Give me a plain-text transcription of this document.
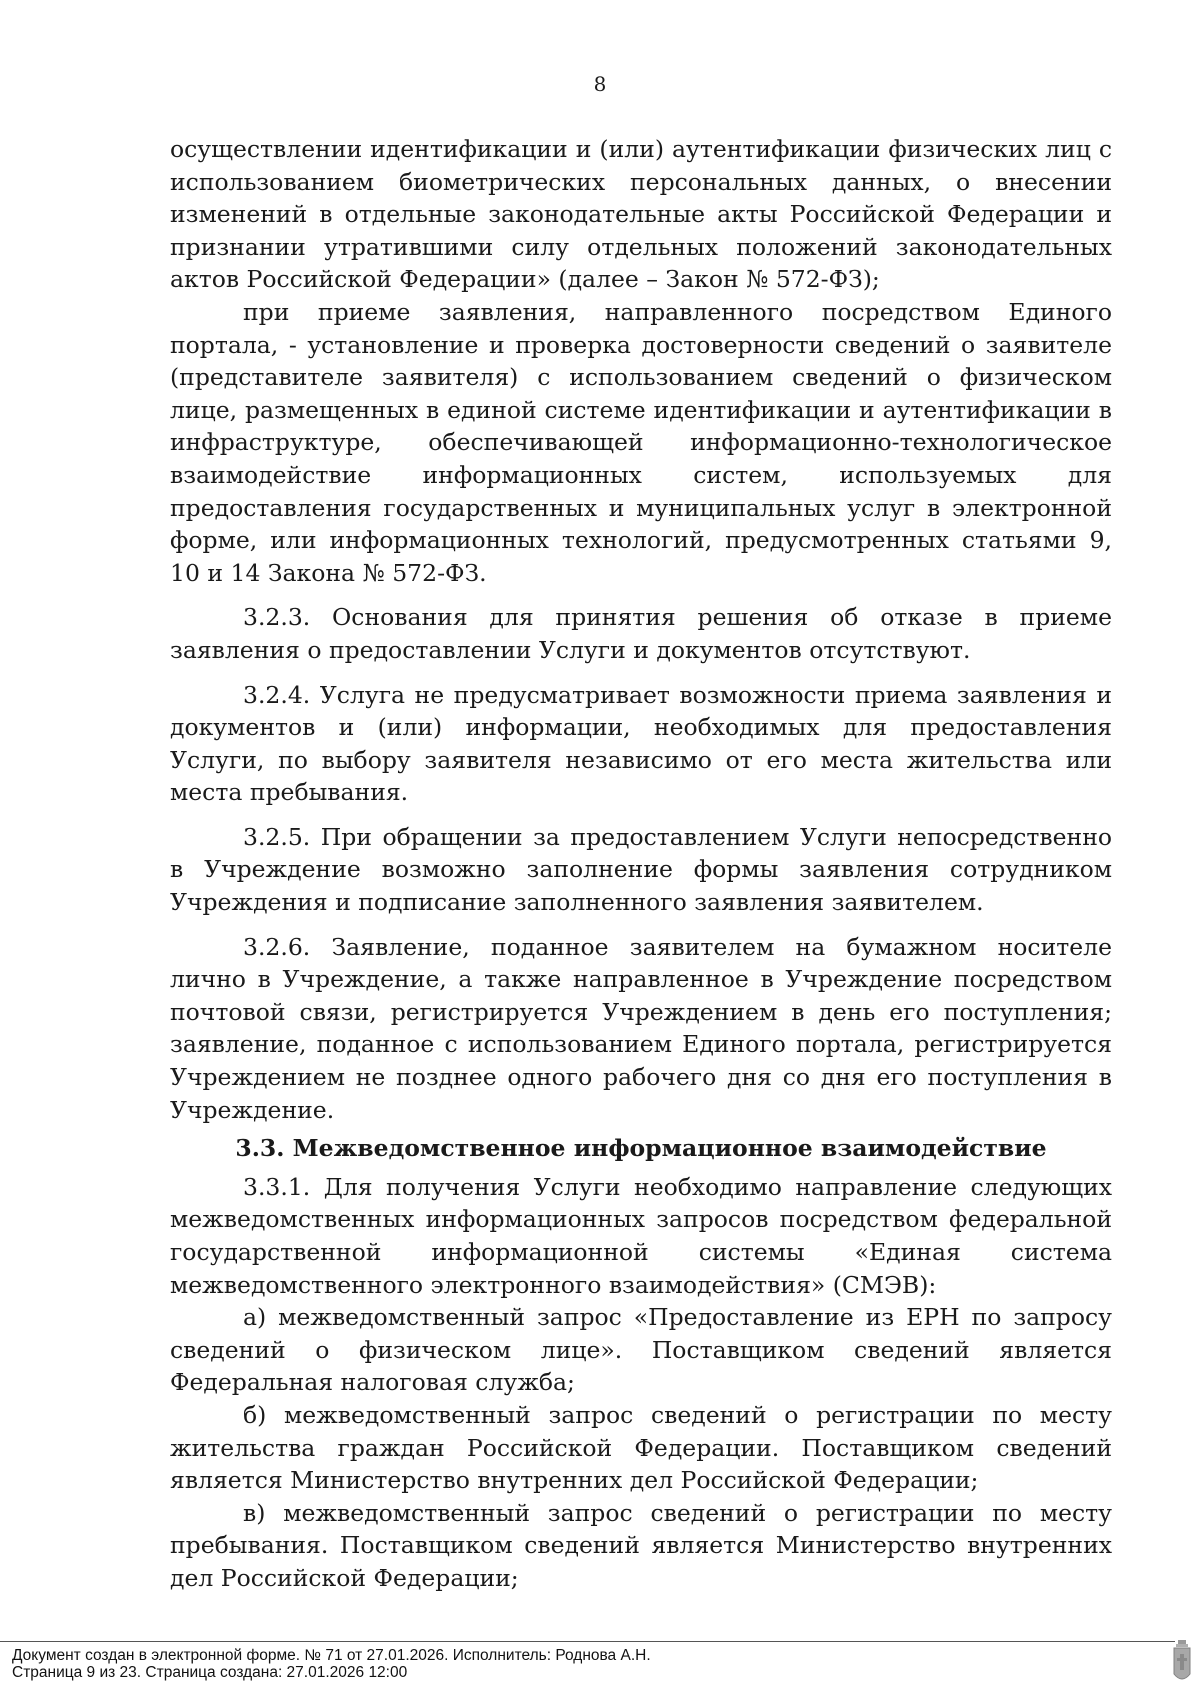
8

осуществлении идентификации и (или) аутентификации физических лиц с использованием биометрических персональных данных, о внесении изменений в отдельные законодательные акты Российской Федерации и признании утратившими силу отдельных положений законодательных актов Российской Федерации» (далее – Закон № 572-ФЗ);

при приеме заявления, направленного посредством Единого портала, - установление и проверка достоверности сведений о заявителе (представителе заявителя) с использованием сведений о физическом лице, размещенных в единой системе идентификации и аутентификации в инфраструктуре, обеспечивающей информационно-технологическое взаимодействие информационных систем, используемых для предоставления государственных и муниципальных услуг в электронной форме, или информационных технологий, предусмотренных статьями 9, 10 и 14 Закона № 572-ФЗ.

3.2.3. Основания для принятия решения об отказе в приеме заявления о предоставлении Услуги и документов отсутствуют.

3.2.4. Услуга не предусматривает возможности приема заявления и документов и (или) информации, необходимых для предоставления Услуги, по выбору заявителя независимо от его места жительства или места пребывания.

3.2.5. При обращении за предоставлением Услуги непосредственно в Учреждение возможно заполнение формы заявления сотрудником Учреждения и подписание заполненного заявления заявителем.

3.2.6. Заявление, поданное заявителем на бумажном носителе лично в Учреждение, а также направленное в Учреждение посредством почтовой связи, регистрируется Учреждением в день его поступления; заявление, поданное с использованием Единого портала, регистрируется Учреждением не позднее одного рабочего дня со дня его поступления в Учреждение.

3.3. Межведомственное информационное взаимодействие

3.3.1. Для получения Услуги необходимо направление следующих межведомственных информационных запросов посредством федеральной государственной информационной системы «Единая система межведомственного электронного взаимодействия» (СМЭВ):

а) межведомственный запрос «Предоставление из ЕРН по запросу сведений о физическом лице». Поставщиком сведений является Федеральная налоговая служба;

б) межведомственный запрос сведений о регистрации по месту жительства граждан Российской Федерации. Поставщиком сведений является Министерство внутренних дел Российской Федерации;

в) межведомственный запрос сведений о регистрации по месту пребывания. Поставщиком сведений является Министерство внутренних дел Российской Федерации;

Документ создан в электронной форме. № 71 от 27.01.2026. Исполнитель: Роднова А.Н.
Страница 9 из 23. Страница создана: 27.01.2026 12:00
